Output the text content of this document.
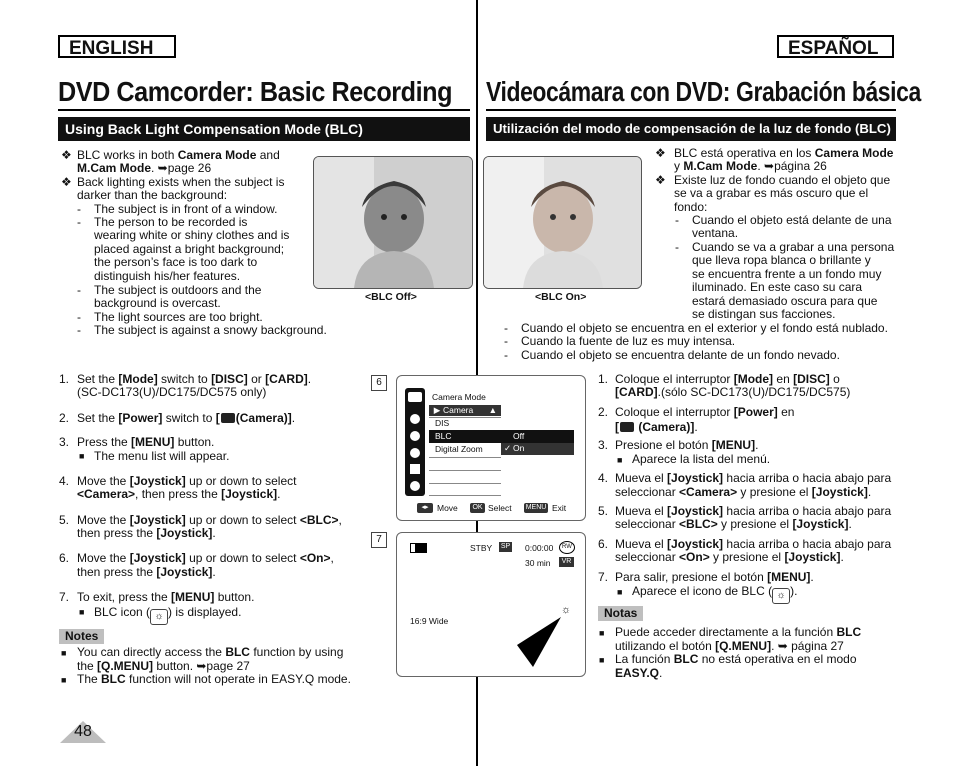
ENGLISH	ESPAÑOL
DVD Camcorder: Basic Recording Videocámara con DVD: Grabación básica
Using Back Light Compensation Mode (BLC)	Utilización del modo de compensación de la luz de fondo (BLC)
❖ BLC works in both Camera Mode and
M.Cam Mode. ➥page 26
❖ Back lighting exists when the subject is
darker than the background:
- The subject is in front of a window.
- The person to be recorded is
wearing white or shiny clothes and is
placed against a bright background;
the person’s face is too dark to
distinguish his/her features.
- The subject is outdoors and the
background is overcast.
- The light sources are too bright.
- The subject is against a snowy background.
<BLC Off>	<BLC On>
❖ BLC está operativa en los Camera Mode
y M.Cam Mode. ➥página 26
❖ Existe luz de fondo cuando el objeto que
se va a grabar es más oscuro que el
fondo:
- Cuando el objeto está delante de una
ventana.
- Cuando se va a grabar a una persona
que lleva ropa blanca o brillante y
se encuentra frente a un fondo muy
iluminado. En este caso su cara
estará demasiado oscura para que
se distingan sus facciones.
- Cuando el objeto se encuentra en el exterior y el fondo está nublado.
- Cuando la fuente de luz es muy intensa.
- Cuando el objeto se encuentra delante de un fondo nevado.
1. Set the [Mode] switch to [DISC] or [CARD].
(SC-DC173(U)/DC175/DC575 only)
2. Set the [Power] switch to [ (Camera)].
3. Press the [MENU] button.
■ The menu list will appear.
4. Move the [Joystick] up or down to select
<Camera>, then press the [Joystick].
5. Move the [Joystick] up or down to select <BLC>,
then press the [Joystick].
6. Move the [Joystick] up or down to select <On>,
then press the [Joystick].
7. To exit, press the [MENU] button.
■ BLC icon ( ☼ ) is displayed.
Notes
■ You can directly access the BLC function by using
the [Q.MENU] button. ➥page 27
■ The BLC function will not operate in EASY.Q mode.
6
Camera Mode
▶ Camera ▲
DIS
BLC	Off
✓ On
Digital Zoom
◂▸ Move	OK Select MENU Exit
7
STBY SP 0:00:00	RW
30 min	VR
☼
16:9 Wide
1. Coloque el interruptor [Mode] en [DISC] o
[CARD].(sólo SC-DC173(U)/DC175/DC575)
2. Coloque el interruptor [Power] en
[ (Camera)].
3. Presione el botón [MENU].
■ Aparece la lista del menú.
4. Mueva el [Joystick] hacia arriba o hacia abajo para
seleccionar <Camera> y presione el [Joystick].
5. Mueva el [Joystick] hacia arriba o hacia abajo para
seleccionar <BLC> y presione el [Joystick].
6. Mueva el [Joystick] hacia arriba o hacia abajo para
seleccionar <On> y presione el [Joystick].
7. Para salir, presione el botón [MENU].
■ Aparece el icono de BLC ( ☼ ).
Notas
■ Puede acceder directamente a la función BLC
utilizando el botón [Q.MENU]. ➥ página 27
■ La función BLC no está operativa en el modo
EASY.Q.
48
